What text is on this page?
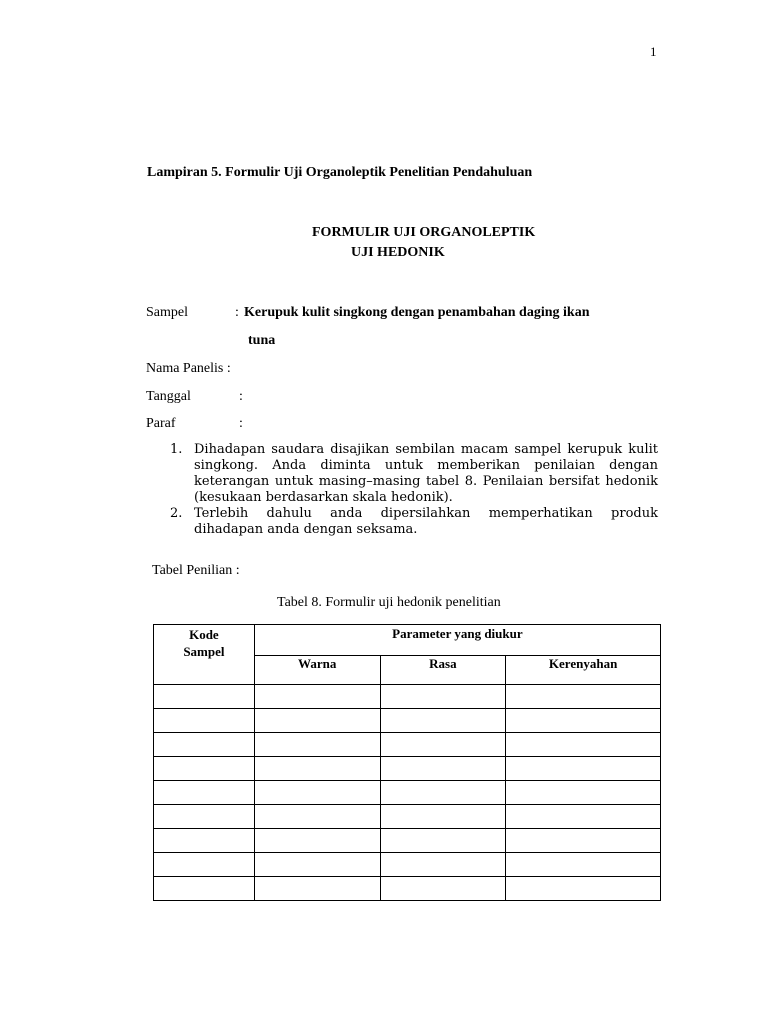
1
Lampiran 5. Formulir Uji Organoleptik Penelitian Pendahuluan
FORMULIR UJI ORGANOLEPTIK
UJI HEDONIK
Sampel	: Kerupuk kulit singkong dengan penambahan daging ikan
tuna
Nama Panelis :
Tanggal	:
Paraf	:
1. Dihadapan saudara disajikan sembilan macam sampel kerupuk kulit singkong. Anda diminta untuk memberikan penilaian dengan keterangan untuk masing–masing tabel 8. Penilaian bersifat hedonik (kesukaan berdasarkan skala hedonik).
2. Terlebih dahulu anda dipersilahkan memperhatikan produk dihadapan anda dengan seksama.
Tabel Penilian :
Tabel 8. Formulir uji hedonik penelitian
Kode
Sampel	Parameter yang diukur		
	Warna	Rasa	Kerenyahan
